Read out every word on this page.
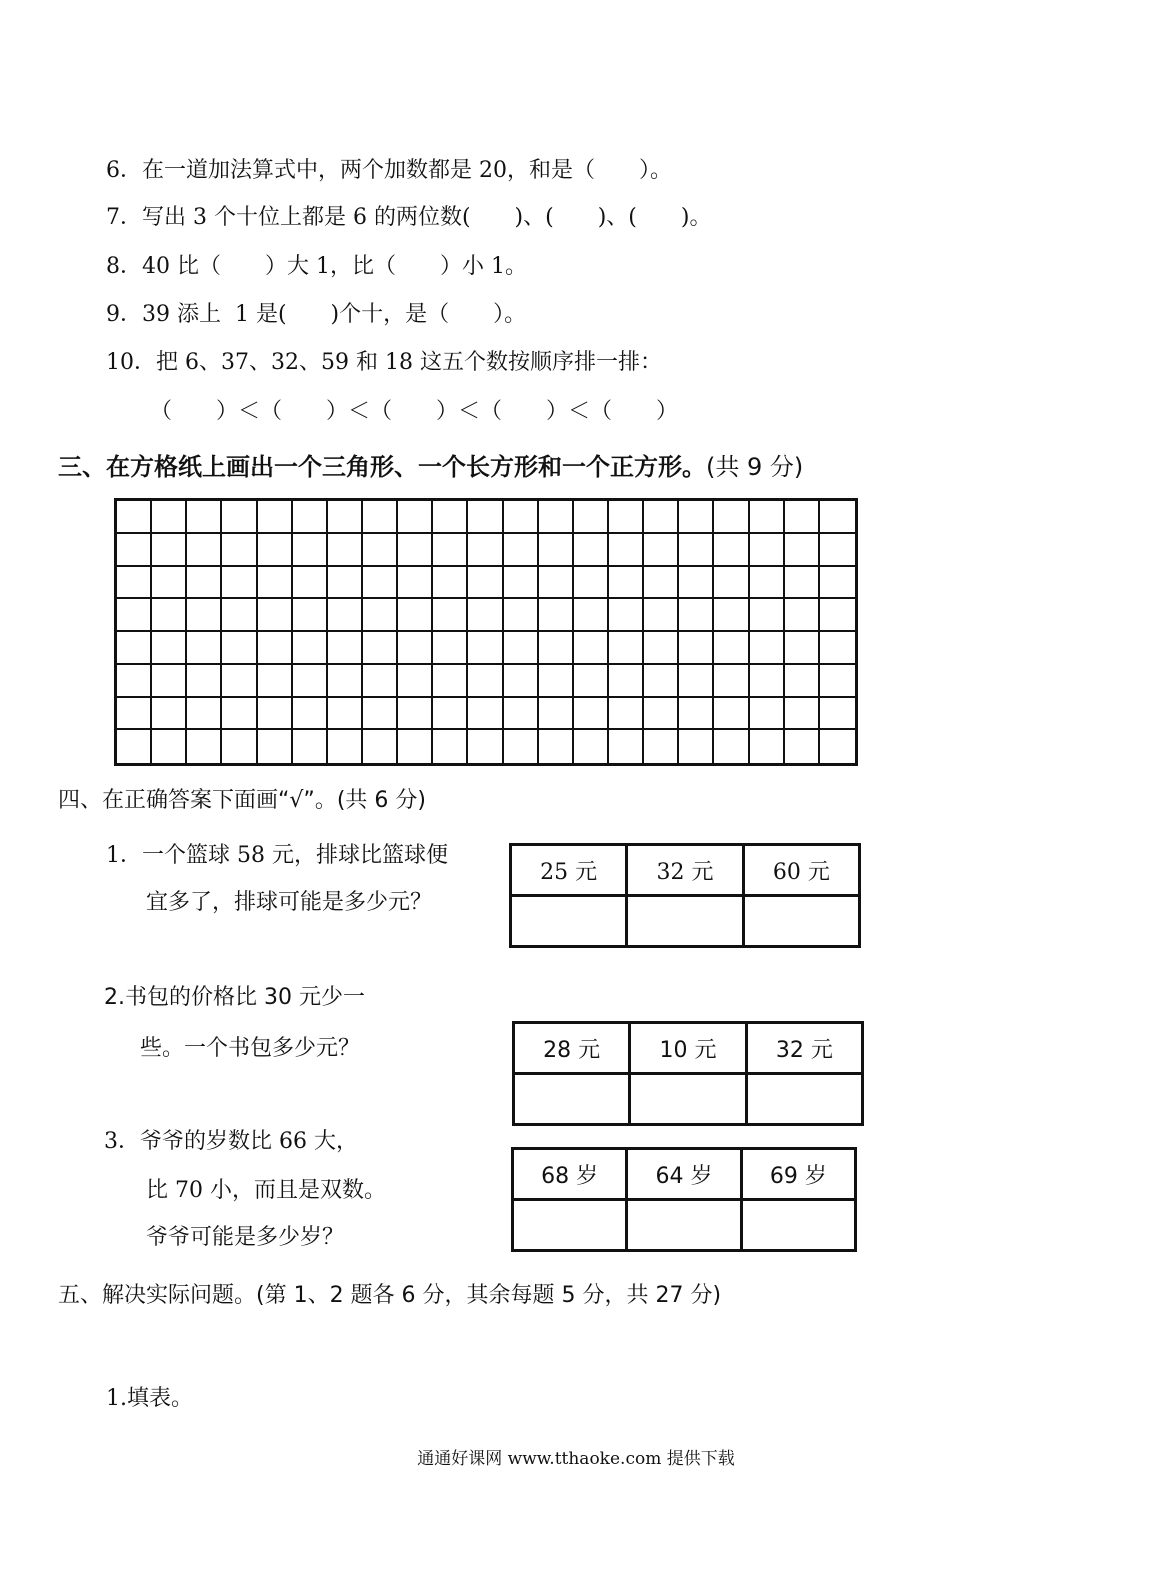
6．在一道加法算式中，两个加数都是 20，和是（　　）。
7．写出 3 个十位上都是 6 的两位数(　　)、(　　)、(　　)。
8．40 比（　　）大 1，比（　　）小 1。
9．39 添上  1 是(　　)个十，是（　　）。
10．把 6、37、32、59 和 18 这五个数按顺序排一排：
（　　）＜（　　）＜（　　）＜（　　）＜（　　）
三、在方格纸上画出一个三角形、一个长方形和一个正方形。(共 9 分)
四、在正确答案下面画“√”。(共 6 分)
1．一个篮球 58 元，排球比篮球便
宜多了，排球可能是多少元？
25 元	32 元	60 元

2.书包的价格比 30 元少一
些。一个书包多少元？	28 元	10 元	32 元

3．爷爷的岁数比 66 大，
比 70 小，而且是双数。
爷爷可能是多少岁？
68 岁	64 岁	69 岁

五、解决实际问题。(第 1、2 题各 6 分，其余每题 5 分，共 27 分)
1.填表。
通通好课网 www.tthaoke.com 提供下载
